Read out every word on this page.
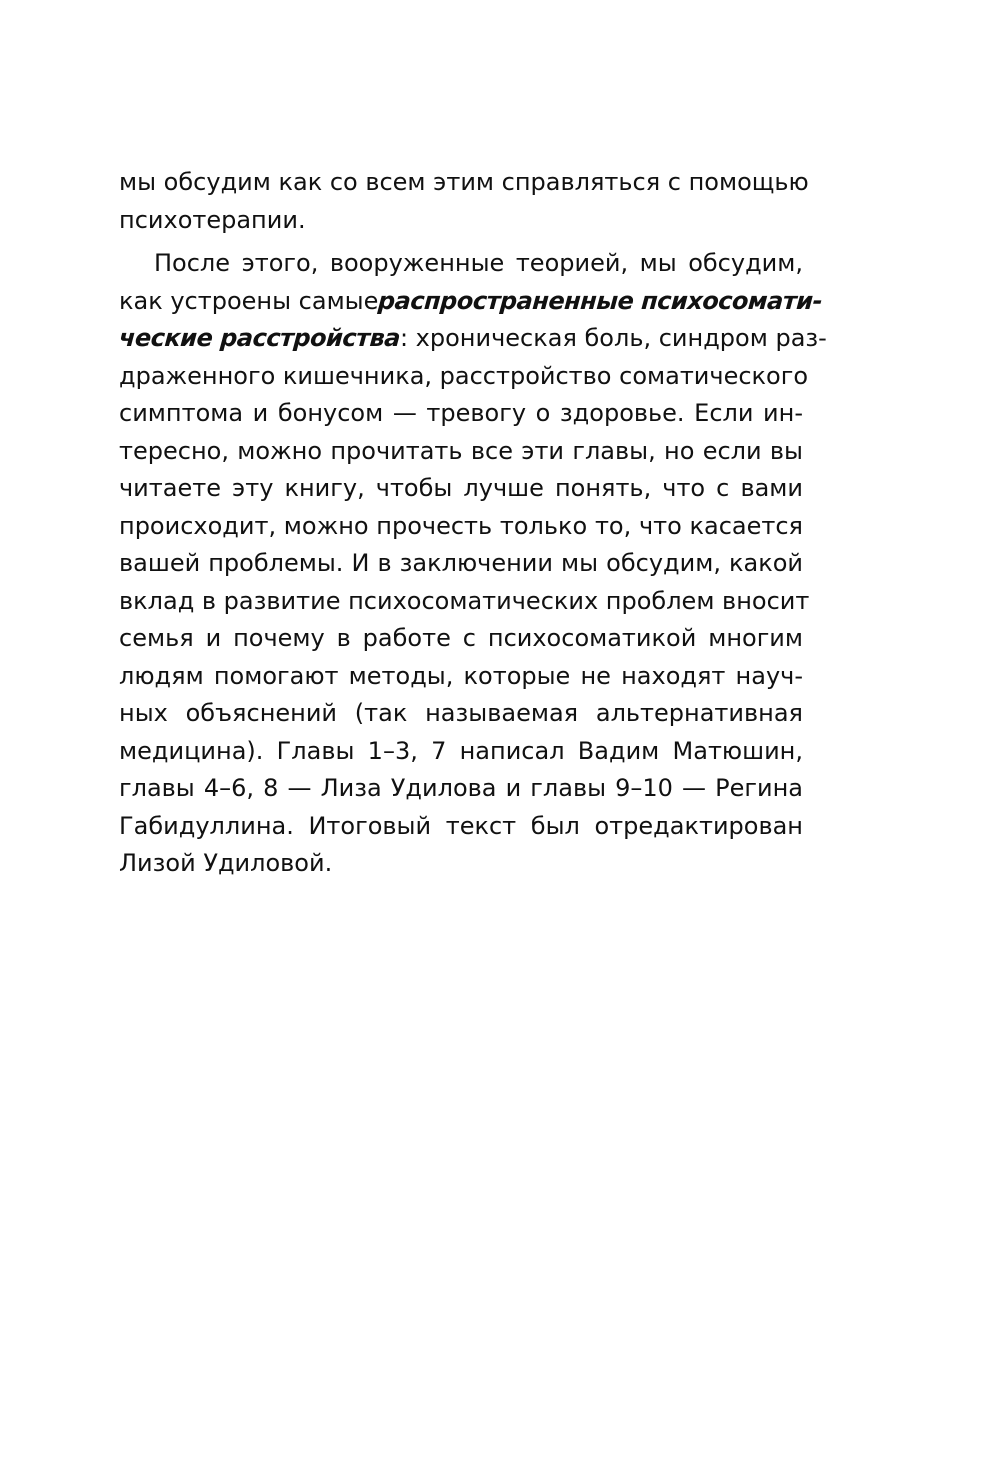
мы обсудим как со всем этим справляться с помощью
психотерапии.
После этого, вооруженные теорией, мы обсудим,
как устроены самые распространенные психосомати-
ческие расстройства: хроническая боль, синдром раз-
драженного кишечника, расстройство соматического
симптома и бонусом — тревогу о здоровье. Если ин-
тересно, можно прочитать все эти главы, но если вы
читаете эту книгу, чтобы лучше понять, что с вами
происходит, можно прочесть только то, что касается
вашей проблемы. И в заключении мы обсудим, какой
вклад в развитие психосоматических проблем вносит
семья и почему в работе с психосоматикой многим
людям помогают методы, которые не находят науч-
ных объяснений (так называемая альтернативная
медицина). Главы 1–3, 7 написал Вадим Матюшин,
главы 4–6, 8 — Лиза Удилова и главы 9–10 — Регина
Габидуллина. Итоговый текст был отредактирован
Лизой Удиловой.
